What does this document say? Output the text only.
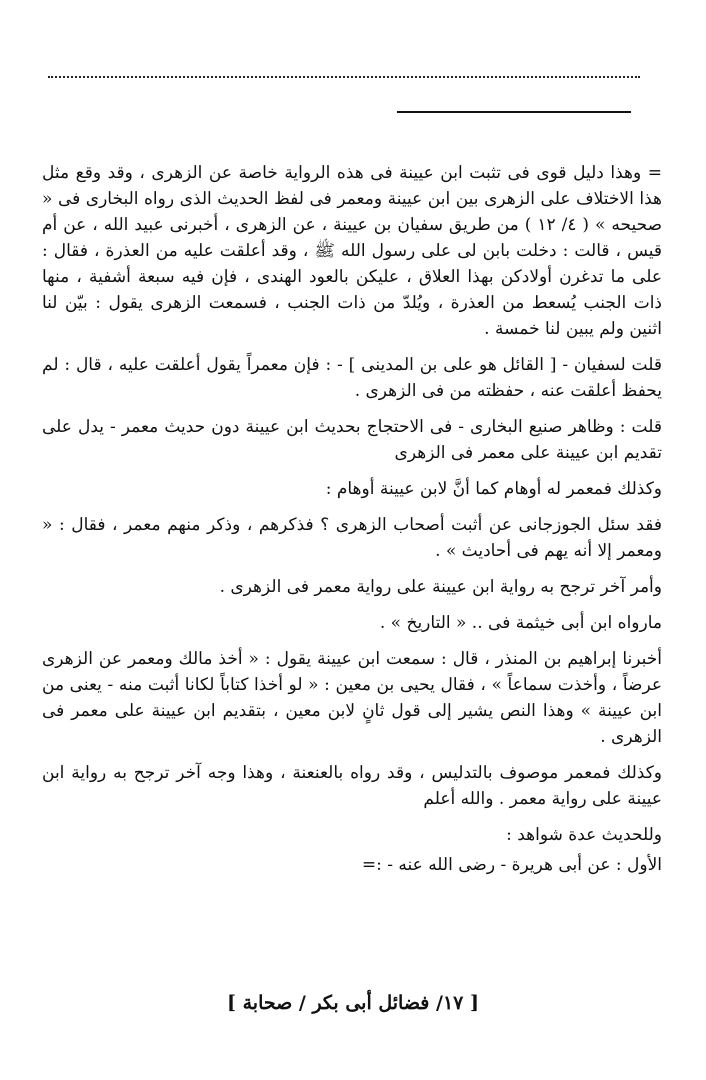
= وهذا دليل قوى فى تثبت ابن عيينة فى هذه الرواية خاصة عن الزهرى ، وقد وقع مثل هذا الاختلاف على الزهرى بين ابن عيينة ومعمر فى لفظ الحديث الذى رواه البخارى فى « صحيحه » ( ٤/ ١٢ ) من طريق سفيان بن عيينة ، عن الزهرى ، أخبرنى عبيد الله ، عن أم قيس ، قالت : دخلت بابن لى على رسول الله ﷺ ، وقد أعلقت عليه من العذرة ، فقال : على ما تدغرن أولادكن بهذا العلاق ، عليكن بالعود الهندى ، فإن فيه سبعة أشفية ، منها ذات الجنب يُسعط من العذرة ، ويُلدّ من ذات الجنب ، فسمعت الزهرى يقول : بيّن لنا اثنين ولم يبين لنا خمسة .

قلت لسفيان - [ القائل هو على بن المدينى ] - : فإن معمراً يقول أعلقت عليه ، قال : لم يحفظ أعلقت عنه ، حفظته من فى الزهرى .

قلت : وظاهر صنيع البخارى - فى الاحتجاج بحديث ابن عيينة دون حديث معمر - يدل على تقديم ابن عيينة على معمر فى الزهرى

وكذلك فمعمر له أوهام كما أنَّ لابن عيينة أوهام :

فقد سئل الجوزجانى عن أثبت أصحاب الزهرى ؟ فذكرهم ، وذكر منهم معمر ، فقال : « ومعمر إلا أنه يهم فى أحاديث » .

وأمر آخر ترجح به رواية ابن عيينة على رواية معمر فى الزهرى .

مارواه ابن أبى خيثمة فى .. « التاريخ » .

أخبرنا إبراهيم بن المنذر ، قال : سمعت ابن عيينة يقول : « أخذ مالك ومعمر عن الزهرى عرضاً ، وأخذت سماعاً » ، فقال يحيى بن معين : « لو أخذا كتاباً لكانا أثبت منه - يعنى من ابن عيينة » وهذا النص يشير إلى قول ثانٍ لابن معين ، بتقديم ابن عيينة على معمر فى الزهرى .

وكذلك فمعمر موصوف بالتدليس ، وقد رواه بالعنعنة ، وهذا وجه آخر ترجح به رواية ابن عيينة على رواية معمر . والله أعلم

وللحديث عدة شواهد :

الأول : عن أبى هريرة - رضى الله عنه - :=

[ ١٧/ فضائل أبى بكر / صحابة ]
